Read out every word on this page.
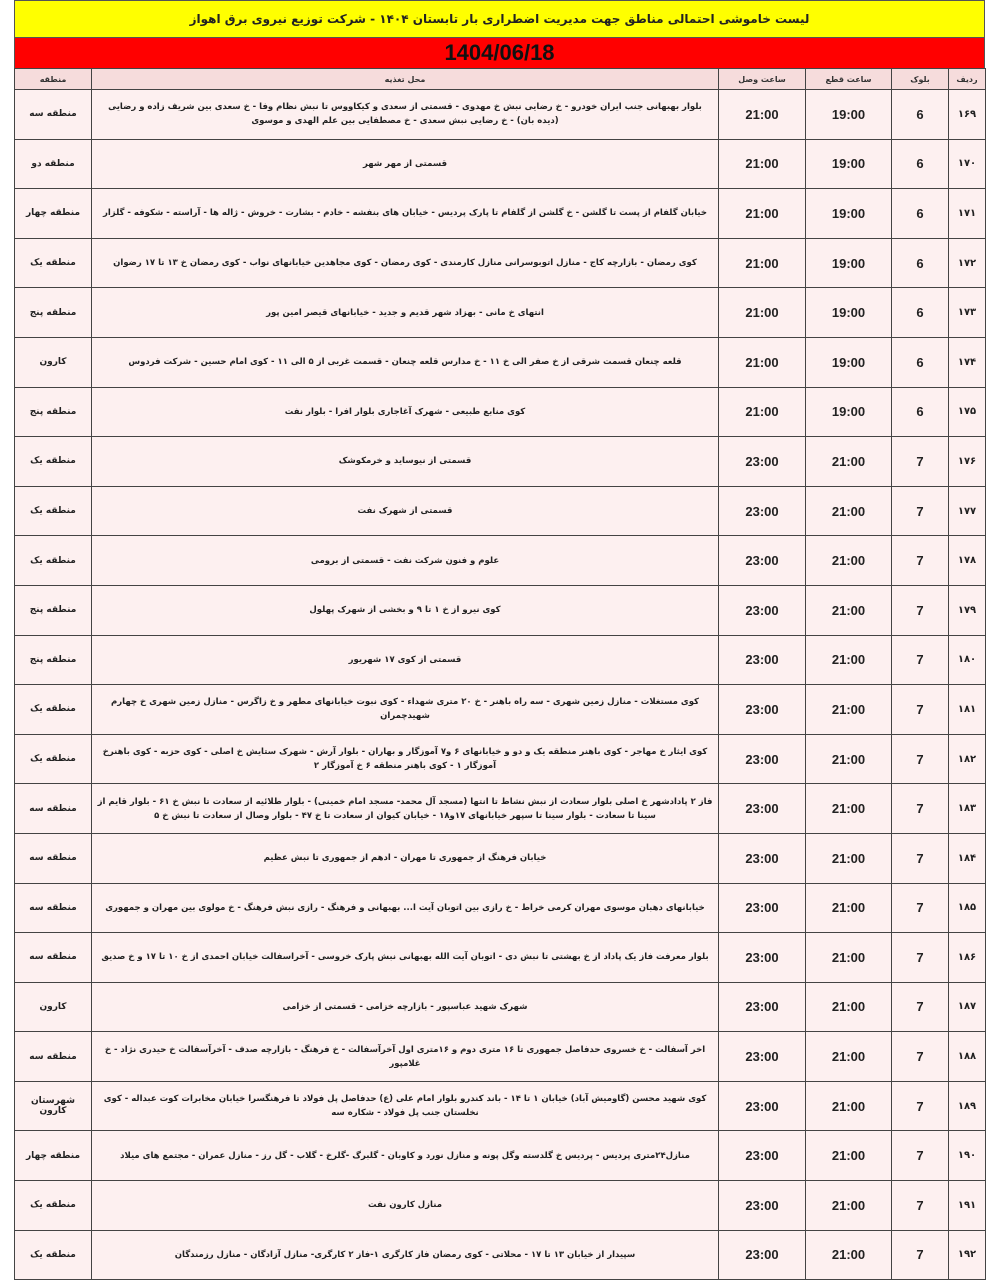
لیست خاموشی احتمالی مناطق جهت مدیریت اضطراری بار تابستان ۱۴۰۴ - شرکت توزیع نیروی برق اهواز
1404/06/18
ردیف	بلوک	ساعت قطع	ساعت وصل	محل تغذیه	منطقه
۱۶۹	6	19:00	21:00	بلوار بهبهانی جنب ایران خودرو - خ رضایی نبش خ مهدوی - قسمتی از سعدی و کیکاووس تا نبش نظام وفا - خ سعدی بین شریف زاده و رضایی (دیده بان) - خ رضایی نبش سعدی - خ مصطفایی بین علم الهدی و موسوی	منطقه سه
۱۷۰	6	19:00	21:00	قسمتی از مهر شهر	منطقه دو
۱۷۱	6	19:00	21:00	خیابان گلفام از پست تا گلشن - خ گلشن از گلفام تا پارک پردیس - خیابان های بنفشه - خادم - بشارت - خروش - ژاله ها - آراسته - شکوفه - گلزار	منطقه چهار
۱۷۲	6	19:00	21:00	کوی رمضان - بازارچه کاج - منازل اتوبوسرانی منازل کارمندی - کوی رمضان - کوی مجاهدین خیابانهای نواب - کوی رمضان خ ۱۳ تا ۱۷ رضوان	منطقه یک
۱۷۳	6	19:00	21:00	انتهای خ مانی - بهزاد شهر قدیم و جدید - خیابانهای قیصر امین پور	منطقه پنج
۱۷۴	6	19:00	21:00	قلعه چنعان قسمت شرقی از خ صفر الی خ ۱۱ - خ مدارس قلعه چنعان - قسمت غربی از ۵ الی ۱۱ - کوی امام حسین - شرکت فردوس	کارون
۱۷۵	6	19:00	21:00	کوی منابع طبیعی - شهرک آغاجاری بلوار افرا - بلوار نفت	منطقه پنج
۱۷۶	7	21:00	23:00	قسمتی از نیوساید و خرمکوشک	منطقه یک
۱۷۷	7	21:00	23:00	قسمتی از شهرک نفت	منطقه یک
۱۷۸	7	21:00	23:00	علوم و فنون شرکت نفت - قسمتی از برومی	منطقه یک
۱۷۹	7	21:00	23:00	کوی نیرو از خ ۱ تا ۹ و بخشی از شهرک پهلول	منطقه پنج
۱۸۰	7	21:00	23:00	قسمتی از کوی ۱۷ شهریور	منطقه پنج
۱۸۱	7	21:00	23:00	کوی مستغلات - منازل زمین شهری - سه راه باهنر - خ ۲۰ متری شهداء - کوی نبوت خیابانهای مطهر و خ زاگرس - منازل زمین شهری خ چهارم شهیدچمران	منطقه یک
۱۸۲	7	21:00	23:00	کوی ایثار خ مهاجر - کوی باهنر منطقه یک و دو و خیابانهای ۶ و۷ آموزگار و بهاران - بلوار آرش - شهرک ستایش خ اصلی - کوی حزبه - کوی باهنرخ آموزگار ۱ - کوی باهنر منطقه ۶ خ آموزگار ۲	منطقه یک
۱۸۳	7	21:00	23:00	فاز ۲ پادادشهر خ اصلی بلوار سعادت از نبش نشاط تا انتها (مسجد آل محمد- مسجد امام خمینی) - بلوار طلائیه از سعادت تا نبش خ ۶۱ - بلوار قایم از سینا تا سعادت - بلوار سینا تا سپهر خیابانهای ۱۷و۱۸ - خیابان کیوان از سعادت تا خ ۴۷ - بلوار وصال از سعادت تا نبش خ ۵	منطقه سه
۱۸۴	7	21:00	23:00	خیابان فرهنگ از جمهوری تا مهران - ادهم از جمهوری تا نبش عظیم	منطقه سه
۱۸۵	7	21:00	23:00	خیابانهای دهبان موسوی مهران کرمی خراط - خ رازی بین اتوبان آیت ا... بهبهانی و فرهنگ - رازی نبش فرهنگ - خ مولوی بین مهران و جمهوری	منطقه سه
۱۸۶	7	21:00	23:00	بلوار معرفت فاز یک پاداد از خ بهشتی تا نبش دی - اتوبان آیت الله بهبهانی نبش پارک خروسی - آخراسفالت خیابان احمدی از خ ۱۰ تا ۱۷ و خ صدیق	منطقه سه
۱۸۷	7	21:00	23:00	شهرک شهید عباسپور - بازارچه خزامی - قسمتی از خزامی	کارون
۱۸۸	7	21:00	23:00	اخر آسفالت - خ خسروی حدفاصل جمهوری تا ۱۶ متری دوم و ۱۶متری اول آخرآسفالت - خ فرهنگ - بازارچه صدف - آخرآسفالت خ حیدری نژاد - خ غلامپور	منطقه سه
۱۸۹	7	21:00	23:00	کوی شهید محسن (گاومیش آباد) خیابان ۱ تا ۱۴ - باند کندرو بلوار امام علی (ع) حدفاصل پل فولاد تا فرهنگسرا خیابان مخابرات کوت عبداله - کوی نخلستان جنب پل فولاد - شکاره سه	شهرستان کارون
۱۹۰	7	21:00	23:00	منازل۲۴متری پردیس - پردیس خ گلدسته وگل پونه و منازل نورد و کاوبان - گلبرگ -گلرخ - گلاب - گل رز - منازل عمران - مجتمع های میلاد	منطقه چهار
۱۹۱	7	21:00	23:00	منازل کارون نفت	منطقه یک
۱۹۲	7	21:00	23:00	سپیدار از خیابان ۱۳ تا ۱۷ - محلاتی - کوی رمضان فاز کارگری ۱-فاز ۲ کارگری- منازل آزادگان - منازل رزمندگان	منطقه یک
